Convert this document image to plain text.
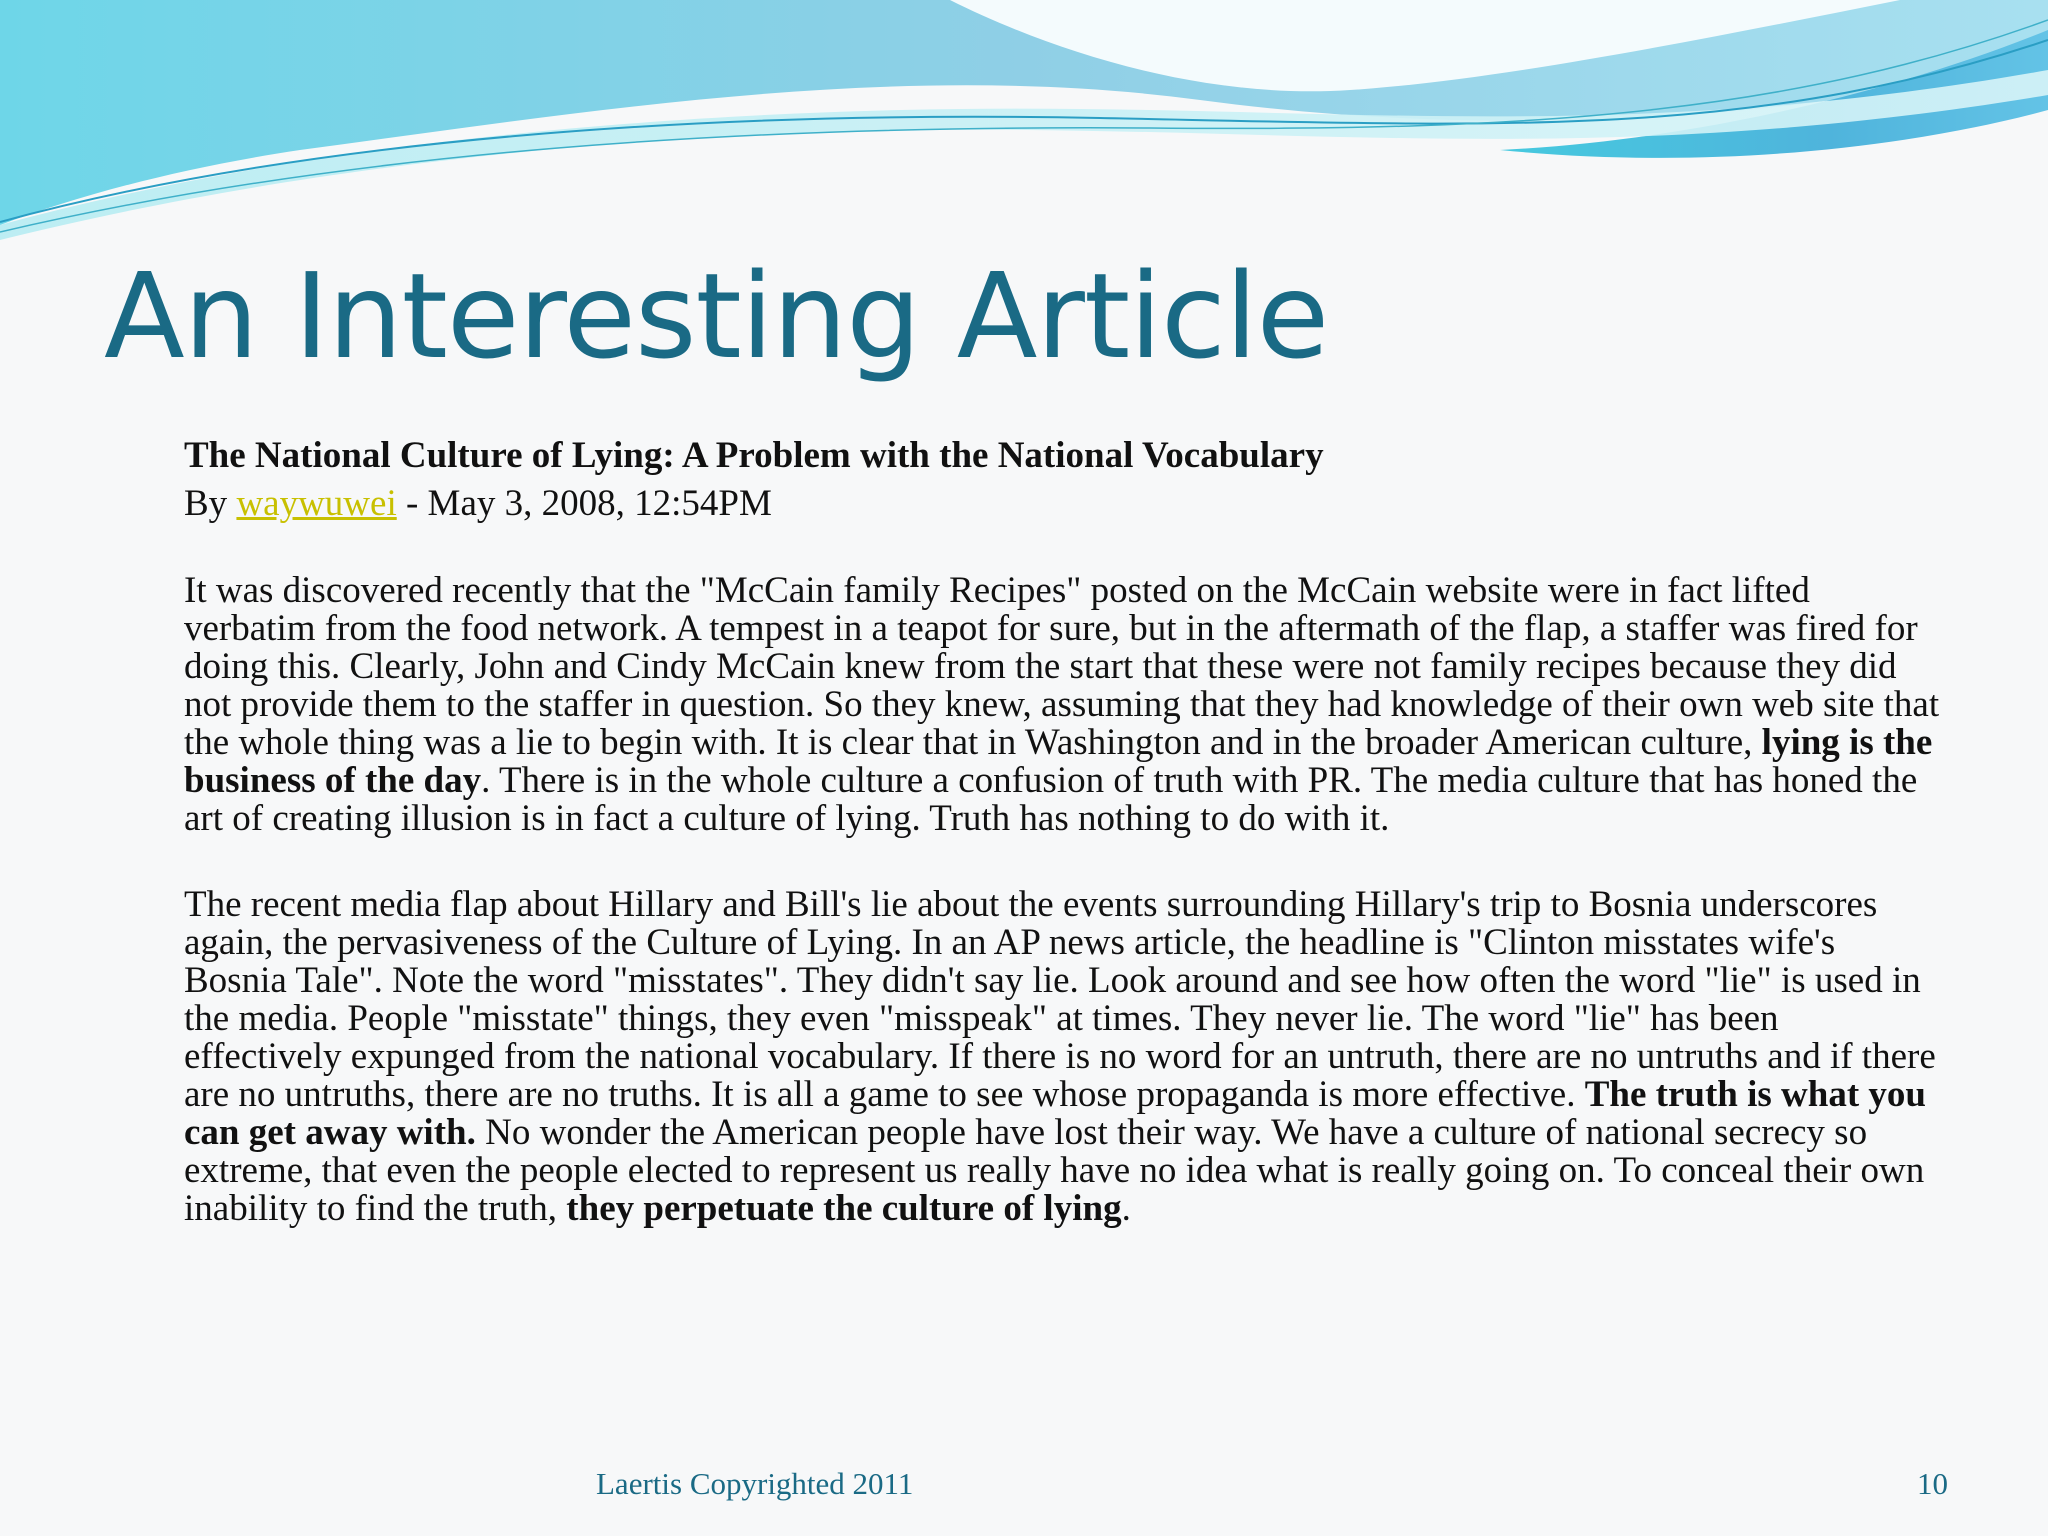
An Interesting Article

The National Culture of Lying: A Problem with the National Vocabulary

By waywuwei - May 3, 2008, 12:54PM

It was discovered recently that the "McCain family Recipes" posted on the McCain website were in fact lifted verbatim from the food network. A tempest in a teapot for sure, but in the aftermath of the flap, a staffer was fired for doing this. Clearly, John and Cindy McCain knew from the start that these were not family recipes because they did not provide them to the staffer in question. So they knew, assuming that they had knowledge of their own web site that the whole thing was a lie to begin with. It is clear that in Washington and in the broader American culture, lying is the business of the day. There is in the whole culture a confusion of truth with PR. The media culture that has honed the art of creating illusion is in fact a culture of lying. Truth has nothing to do with it.

The recent media flap about Hillary and Bill's lie about the events surrounding Hillary's trip to Bosnia underscores again, the pervasiveness of the Culture of Lying. In an AP news article, the headline is "Clinton misstates wife's Bosnia Tale". Note the word "misstates". They didn't say lie. Look around and see how often the word "lie" is used in the media. People "misstate" things, they even "misspeak" at times. They never lie. The word "lie" has been effectively expunged from the national vocabulary. If there is no word for an untruth, there are no untruths and if there are no untruths, there are no truths. It is all a game to see whose propaganda is more effective. The truth is what you can get away with. No wonder the American people have lost their way. We have a culture of national secrecy so extreme, that even the people elected to represent us really have no idea what is really going on. To conceal their own inability to find the truth, they perpetuate the culture of lying.

Laertis Copyrighted 2011	10
